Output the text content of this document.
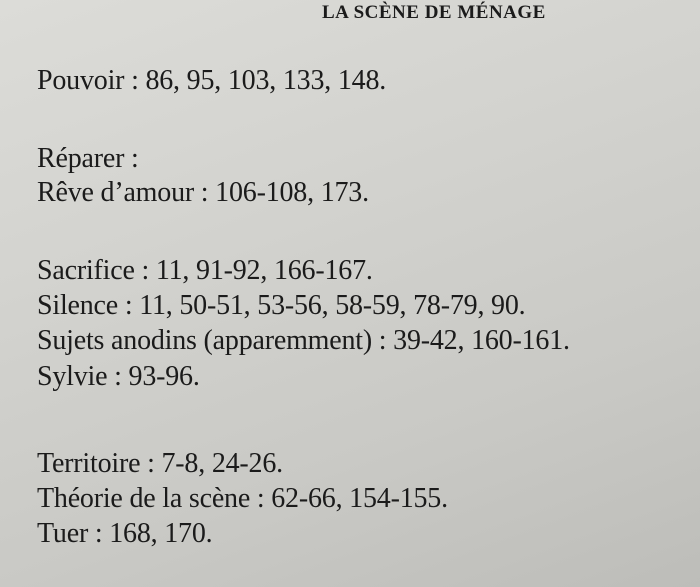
LA SCÈNE DE MÉNAGE
Pouvoir : 86, 95, 103, 133, 148.
Réparer :
Rêve d’amour : 106-108, 173.
Sacrifice : 11, 91-92, 166-167.
Silence : 11, 50-51, 53-56, 58-59, 78-79, 90.
Sujets anodins (apparemment) : 39-42, 160-161.
Sylvie : 93-96.
Territoire : 7-8, 24-26.
Théorie de la scène : 62-66, 154-155.
Tuer : 168, 170.
